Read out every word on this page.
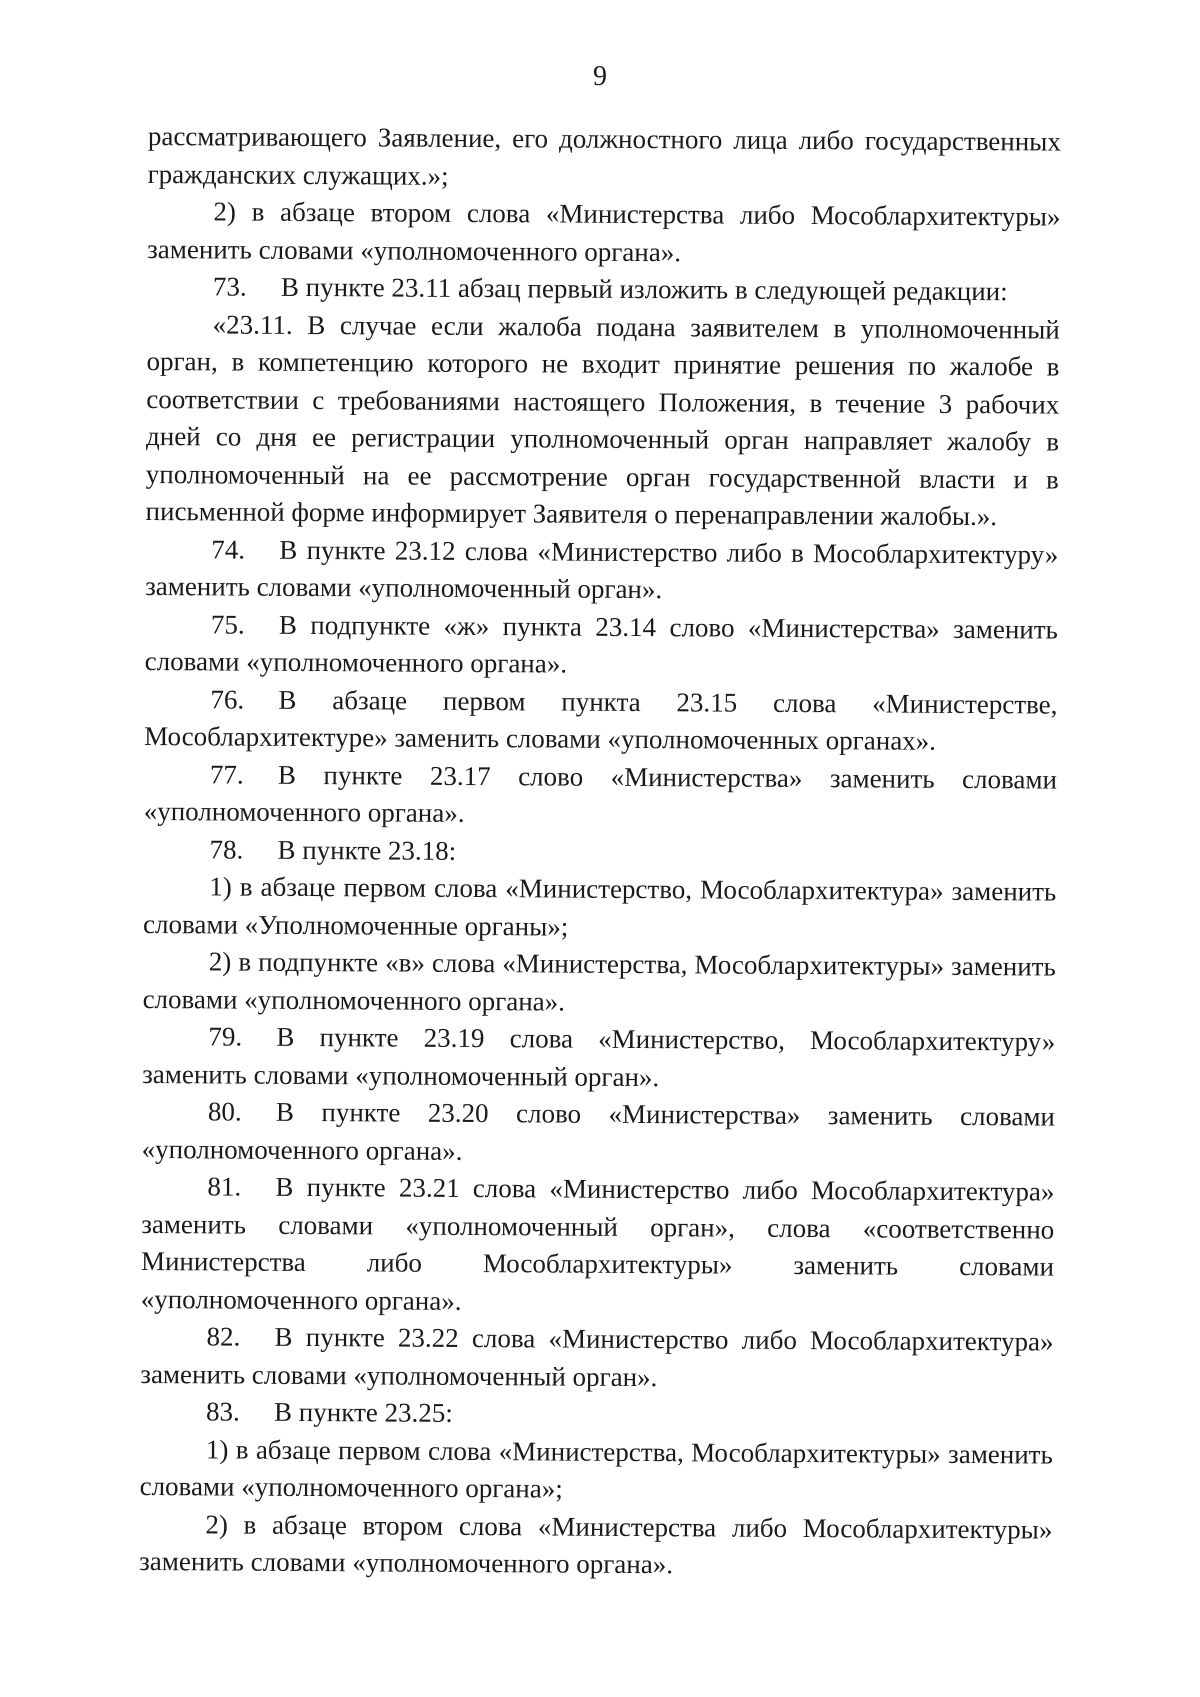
9

рассматривающего Заявление, его должностного лица либо государственных гражданских служащих.»;

2) в абзаце втором слова «Министерства либо Мособлархитектуры» заменить словами «уполномоченного органа».

73. В пункте 23.11 абзац первый изложить в следующей редакции:

«23.11. В случае если жалоба подана заявителем в уполномоченный орган, в компетенцию которого не входит принятие решения по жалобе в соответствии с требованиями настоящего Положения, в течение 3 рабочих дней со дня ее регистрации уполномоченный орган направляет жалобу в уполномоченный на ее рассмотрение орган государственной власти и в письменной форме информирует Заявителя о перенаправлении жалобы.».

74. В пункте 23.12 слова «Министерство либо в Мособлархитектуру» заменить словами «уполномоченный орган».

75. В подпункте «ж» пункта 23.14 слово «Министерства» заменить словами «уполномоченного органа».

76. В абзаце первом пункта 23.15 слова «Министерстве, Мособлархитектуре» заменить словами «уполномоченных органах».

77. В пункте 23.17 слово «Министерства» заменить словами «уполномоченного органа».

78. В пункте 23.18:

1) в абзаце первом слова «Министерство, Мособлархитектура» заменить словами «Уполномоченные органы»;

2) в подпункте «в» слова «Министерства, Мособлархитектуры» заменить словами «уполномоченного органа».

79. В пункте 23.19 слова «Министерство, Мособлархитектуру» заменить словами «уполномоченный орган».

80. В пункте 23.20 слово «Министерства» заменить словами «уполномоченного органа».

81. В пункте 23.21 слова «Министерство либо Мособлархитектура» заменить словами «уполномоченный орган», слова «соответственно Министерства либо Мособлархитектуры» заменить словами «уполномоченного органа».

82. В пункте 23.22 слова «Министерство либо Мособлархитектура» заменить словами «уполномоченный орган».

83. В пункте 23.25:

1) в абзаце первом слова «Министерства, Мособлархитектуры» заменить словами «уполномоченного органа»;

2) в абзаце втором слова «Министерства либо Мособлархитектуры» заменить словами «уполномоченного органа».
